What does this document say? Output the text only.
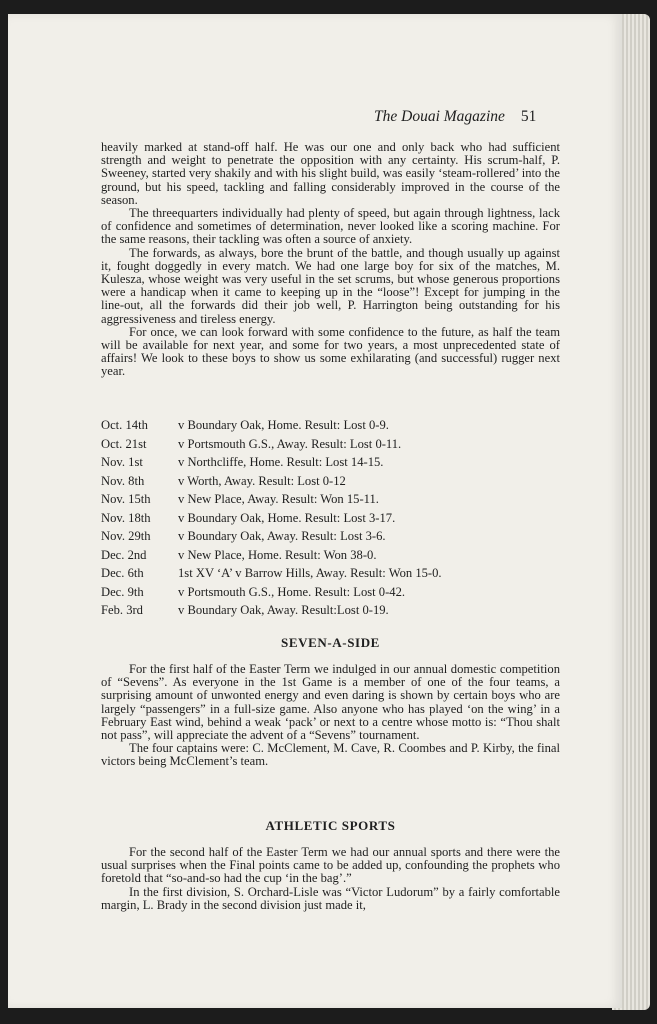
The Douai Magazine 51

heavily marked at stand-off half. He was our one and only back who had sufficient strength and weight to penetrate the opposition with any certainty. His scrum-half, P. Sweeney, started very shakily and with his slight build, was easily ‘steam-rollered’ into the ground, but his speed, tackling and falling considerably improved in the course of the season.

The threequarters individually had plenty of speed, but again through lightness, lack of confidence and sometimes of determination, never looked like a scoring machine. For the same reasons, their tackling was often a source of anxiety.

The forwards, as always, bore the brunt of the battle, and though usually up against it, fought doggedly in every match. We had one large boy for six of the matches, M. Kulesza, whose weight was very useful in the set scrums, but whose generous proportions were a handicap when it came to keeping up in the “loose”! Except for jumping in the line-out, all the forwards did their job well, P. Harrington being outstanding for his aggressiveness and tireless energy.

For once, we can look forward with some confidence to the future, as half the team will be available for next year, and some for two years, a most unprecedented state of affairs! We look to these boys to show us some exhilarating (and successful) rugger next year.

Oct. 14th v Boundary Oak, Home. Result: Lost 0-9.
Oct. 21st	v Portsmouth G.S., Away. Result: Lost 0-11.
Nov. 1st	v Northcliffe, Home. Result: Lost 14-15.
Nov. 8th	v Worth, Away. Result: Lost 0-12
Nov. 15th v New Place, Away. Result: Won 15-11.
Nov. 18th v Boundary Oak, Home. Result: Lost 3-17.
Nov. 29th v Boundary Oak, Away. Result: Lost 3-6.
Dec. 2nd	v New Place, Home. Result: Won 38-0.
Dec. 6th	1st XV ‘A’ v Barrow Hills, Away. Result: Won 15-0.
Dec. 9th	v Portsmouth G.S., Home. Result: Lost 0-42.
Feb. 3rd	v Boundary Oak, Away. Result:Lost 0-19.
SEVEN-A-SIDE

For the first half of the Easter Term we indulged in our annual domestic competition of “Sevens”. As everyone in the 1st Game is a member of one of the four teams, a surprising amount of unwonted energy and even daring is shown by certain boys who are largely “passengers” in a full-size game. Also anyone who has played ‘on the wing’ in a February East wind, behind a weak ‘pack’ or next to a centre whose motto is: “Thou shalt not pass”, will appreciate the advent of a “Sevens” tournament.

The four captains were: C. McClement, M. Cave, R. Coombes and P. Kirby, the final victors being McClement’s team.

ATHLETIC SPORTS

For the second half of the Easter Term we had our annual sports and there were the usual surprises when the Final points came to be added up, confounding the prophets who foretold that “so-and-so had the cup ‘in the bag’.”

In the first division, S. Orchard-Lisle was “Victor Ludorum” by a fairly comfortable margin, L. Brady in the second division just made it,
